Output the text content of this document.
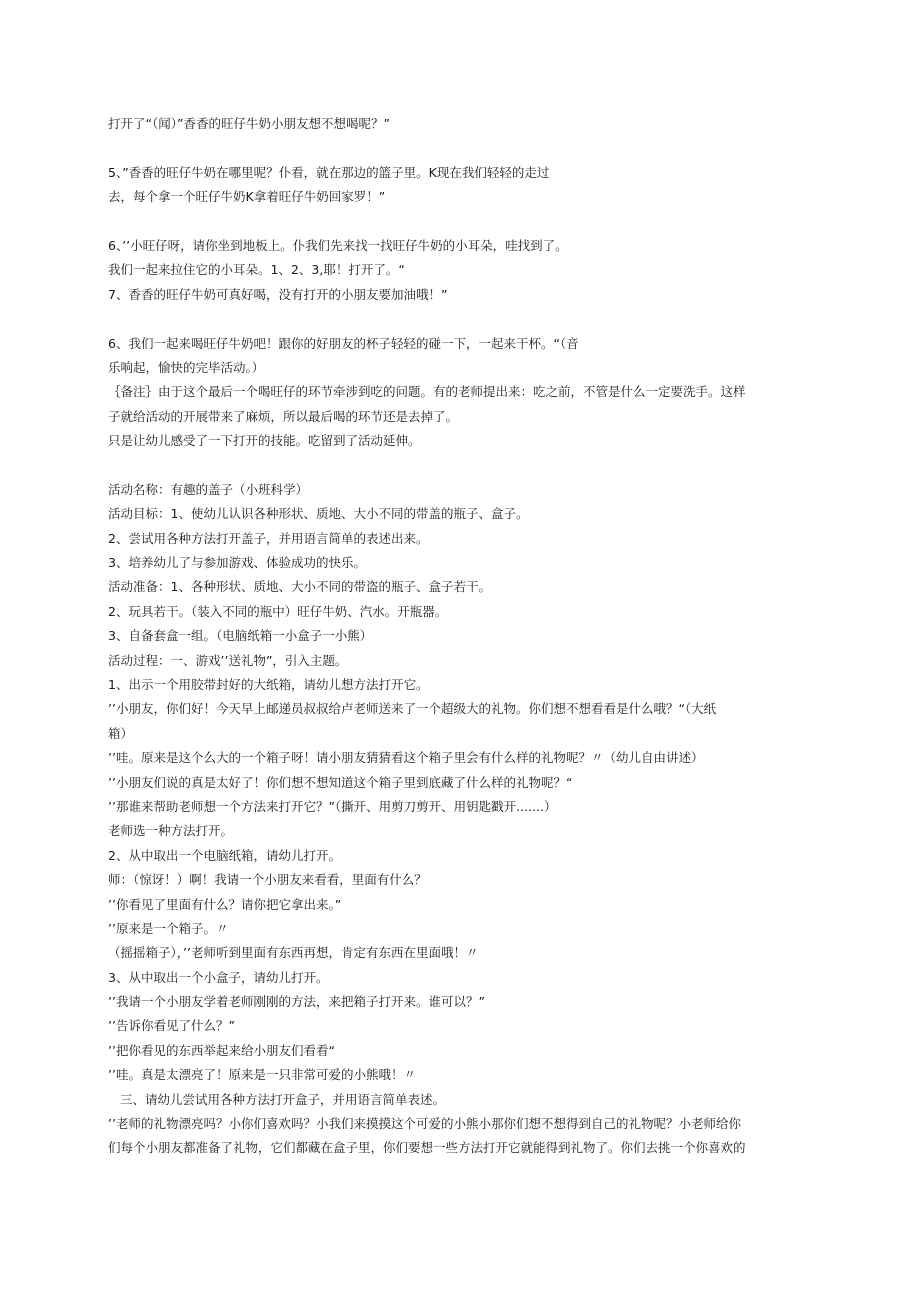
打开了“（闻）”香香的旺仔牛奶小朋友想不想喝呢？”
5、”香香的旺仔牛奶在哪里呢？仆看，就在那边的篮子里。K现在我们轻轻的走过
去，每个拿一个旺仔牛奶K拿着旺仔牛奶回家罗！”
6、’’小旺仔呀，请你坐到地板上。仆我们先来找一找旺仔牛奶的小耳朵，哇找到了。
我们一起来拉住它的小耳朵。1、2、3,耶！打开了。“
7、香香的旺仔牛奶可真好喝，没有打开的小朋友要加油哦！”
6、我们一起来喝旺仔牛奶吧！跟你的好朋友的杯子轻轻的碰一下，一起来干杯。“（音
乐响起，愉快的完毕活动。）
｛备注｝由于这个最后一个喝旺仔的环节牵涉到吃的问题。有的老师提出来：吃之前，不管是什么一定要洗手。这样
子就给活动的开展带来了麻烦，所以最后喝的环节还是去掉了。
只是让幼儿感受了一下打开的技能。吃留到了活动延伸。
活动名称：有趣的盖子（小班科学）
活动目标：1、使幼儿认识各种形状、质地、大小不同的带盖的瓶子、盒子。
2、尝试用各种方法打开盖子，并用语言简单的表述出来。
3、培养幼儿了与参加游戏、体验成功的快乐。
活动准备：1、各种形状、质地、大小不同的带盗的瓶子、盒子若干。
2、玩具若干。（装入不同的瓶中）旺仔牛奶、汽水。开瓶器。
3、自备套盒一组。（电脑纸箱一小盒子一小熊）
活动过程：一、游戏’’送礼物”，引入主题。
1、出示一个用胶带封好的大纸箱，请幼儿想方法打开它。
’’小朋友，你们好！今天早上邮递员叔叔给卢老师送来了一个超级大的礼物。你们想不想看看是什么哦？“（大纸
箱）
’’哇。原来是这个么大的一个箱子呀！请小朋友猜猜看这个箱子里会有什么样的礼物呢？〃（幼儿自由讲述）
’’小朋友们说的真是太好了！你们想不想知道这个箱子里到底藏了什么样的礼物呢？“
’’那谁来帮助老师想一个方法来打开它？”（撕开、用剪刀剪开、用钥匙戳开.......）
老师选一种方法打开。
2、从中取出一个电脑纸箱，请幼儿打开。
师：（惊讶！）啊！我请一个小朋友来看看，里面有什么？
’’你看见了里面有什么？请你把它拿出来。”
’’原来是一个箱子。〃
（摇摇箱子），’’老师听到里面有东西再想，肯定有东西在里面哦！〃
3、从中取出一个小盒子，请幼儿打开。
’’我请一个小朋友学着老师刚刚的方法，来把箱子打开来。谁可以？”
’’告诉你看见了什么？”
’’把你看见的东西举起来给小朋友们看看“
’’哇。真是太漂亮了！原来是一只非常可爱的小熊哦！〃
三、请幼儿尝试用各种方法打开盒子，并用语言简单表述。
’’老师的礼物漂亮吗？小你们喜欢吗？小我们来摸摸这个可爱的小熊小那你们想不想得到自己的礼物呢？小老师给你
们每个小朋友都准备了礼物，它们都藏在盒子里，你们要想一些方法打开它就能得到礼物了。你们去挑一个你喜欢的
